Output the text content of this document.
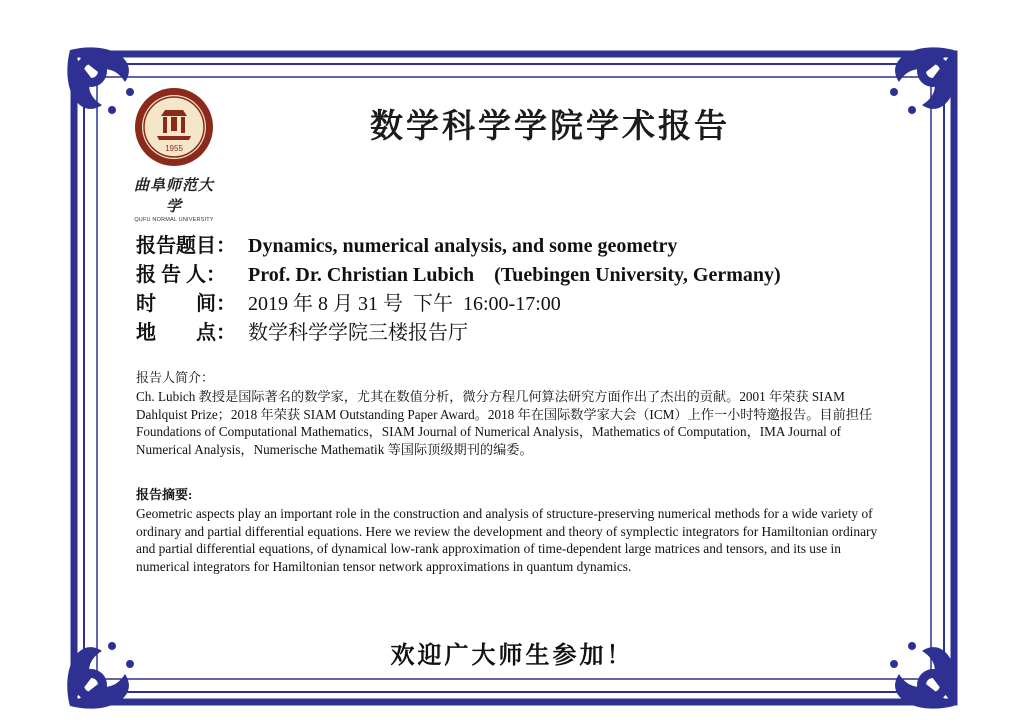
1955
曲阜师范大学
QUFU NORMAL UNIVERSITY
数学科学学院学术报告
报告题目： Dynamics, numerical analysis, and some geometry
报 告 人： Prof. Dr. Christian Lubich    (Tuebingen University, Germany)
时　　间： 2019 年 8 月 31 号  下午  16:00-17:00
地　　点： 数学科学学院三楼报告厅
报告人简介：
Ch. Lubich 教授是国际著名的数学家，尤其在数值分析，微分方程几何算法研究方面作出了杰出的贡献。2001 年荣获 SIAM Dahlquist Prize；2018 年荣获 SIAM Outstanding Paper Award。2018 年在国际数学家大会（ICM）上作一小时特邀报告。目前担任 Foundations of Computational Mathematics，SIAM Journal of Numerical Analysis，Mathematics of Computation，IMA Journal of Numerical Analysis，Numerische Mathematik 等国际顶级期刊的编委。
报告摘要:
Geometric aspects play an important role in the construction and analysis of structure-preserving numerical methods for a wide variety of ordinary and partial differential equations. Here we review the development and theory of symplectic integrators for Hamiltonian ordinary and partial differential equations, of dynamical low-rank approximation of time-dependent large matrices and tensors, and its use in numerical integrators for Hamiltonian tensor network approximations in quantum dynamics.
欢迎广大师生参加！
